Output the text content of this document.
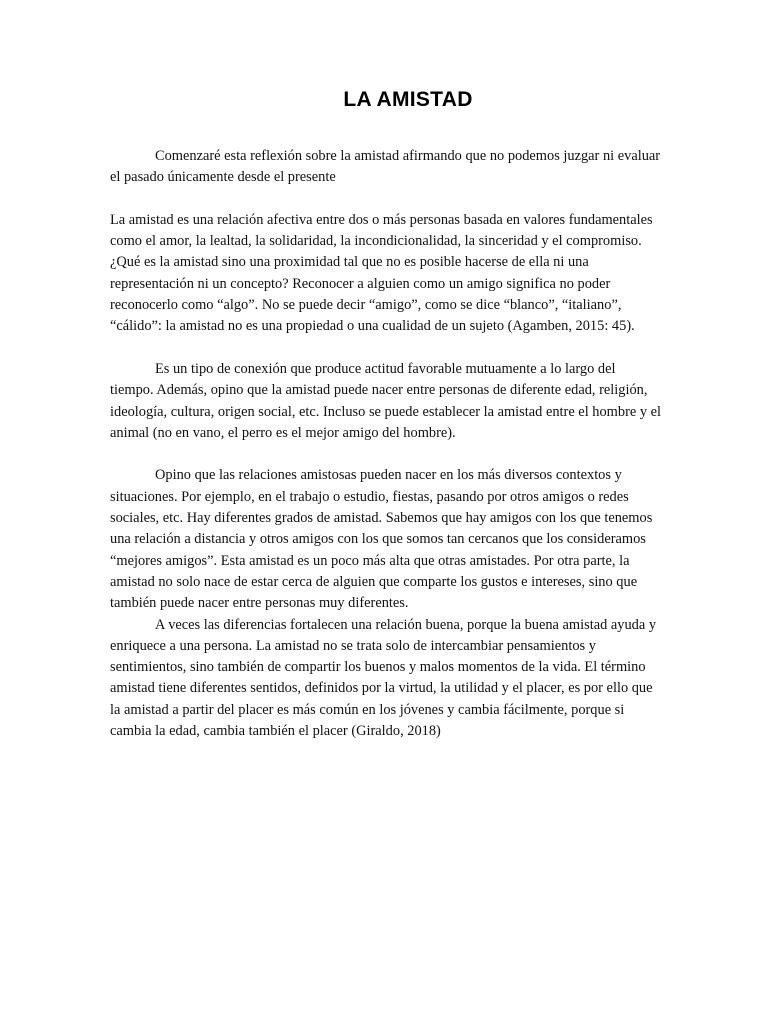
LA AMISTAD

Comenzaré esta reflexión sobre la amistad afirmando que no podemos juzgar ni evaluar el pasado únicamente desde el presente

La amistad es una relación afectiva entre dos o más personas basada en valores fundamentales como el amor, la lealtad, la solidaridad, la incondicionalidad, la sinceridad y el compromiso. ¿Qué es la amistad sino una proximidad tal que no es posible hacerse de ella ni una representación ni un concepto? Reconocer a alguien como un amigo significa no poder reconocerlo como “algo”. No se puede decir “amigo”, como se dice “blanco”, “italiano”, “cálido”: la amistad no es una propiedad o una cualidad de un sujeto (Agamben, 2015: 45).

Es un tipo de conexión que produce actitud favorable mutuamente a lo largo del tiempo. Además, opino que la amistad puede nacer entre personas de diferente edad, religión, ideología, cultura, origen social, etc. Incluso se puede establecer la amistad entre el hombre y el animal (no en vano, el perro es el mejor amigo del hombre).

Opino que las relaciones amistosas pueden nacer en los más diversos contextos y situaciones. Por ejemplo, en el trabajo o estudio, fiestas, pasando por otros amigos o redes sociales, etc. Hay diferentes grados de amistad. Sabemos que hay amigos con los que tenemos una relación a distancia y otros amigos con los que somos tan cercanos que los consideramos “mejores amigos”. Esta amistad es un poco más alta que otras amistades. Por otra parte, la amistad no solo nace de estar cerca de alguien que comparte los gustos e intereses, sino que también puede nacer entre personas muy diferentes.

A veces las diferencias fortalecen una relación buena, porque la buena amistad ayuda y enriquece a una persona. La amistad no se trata solo de intercambiar pensamientos y sentimientos, sino también de compartir los buenos y malos momentos de la vida. El término amistad tiene diferentes sentidos, definidos por la virtud, la utilidad y el placer, es por ello que la amistad a partir del placer es más común en los jóvenes y cambia fácilmente, porque si cambia la edad, cambia también el placer (Giraldo, 2018)
